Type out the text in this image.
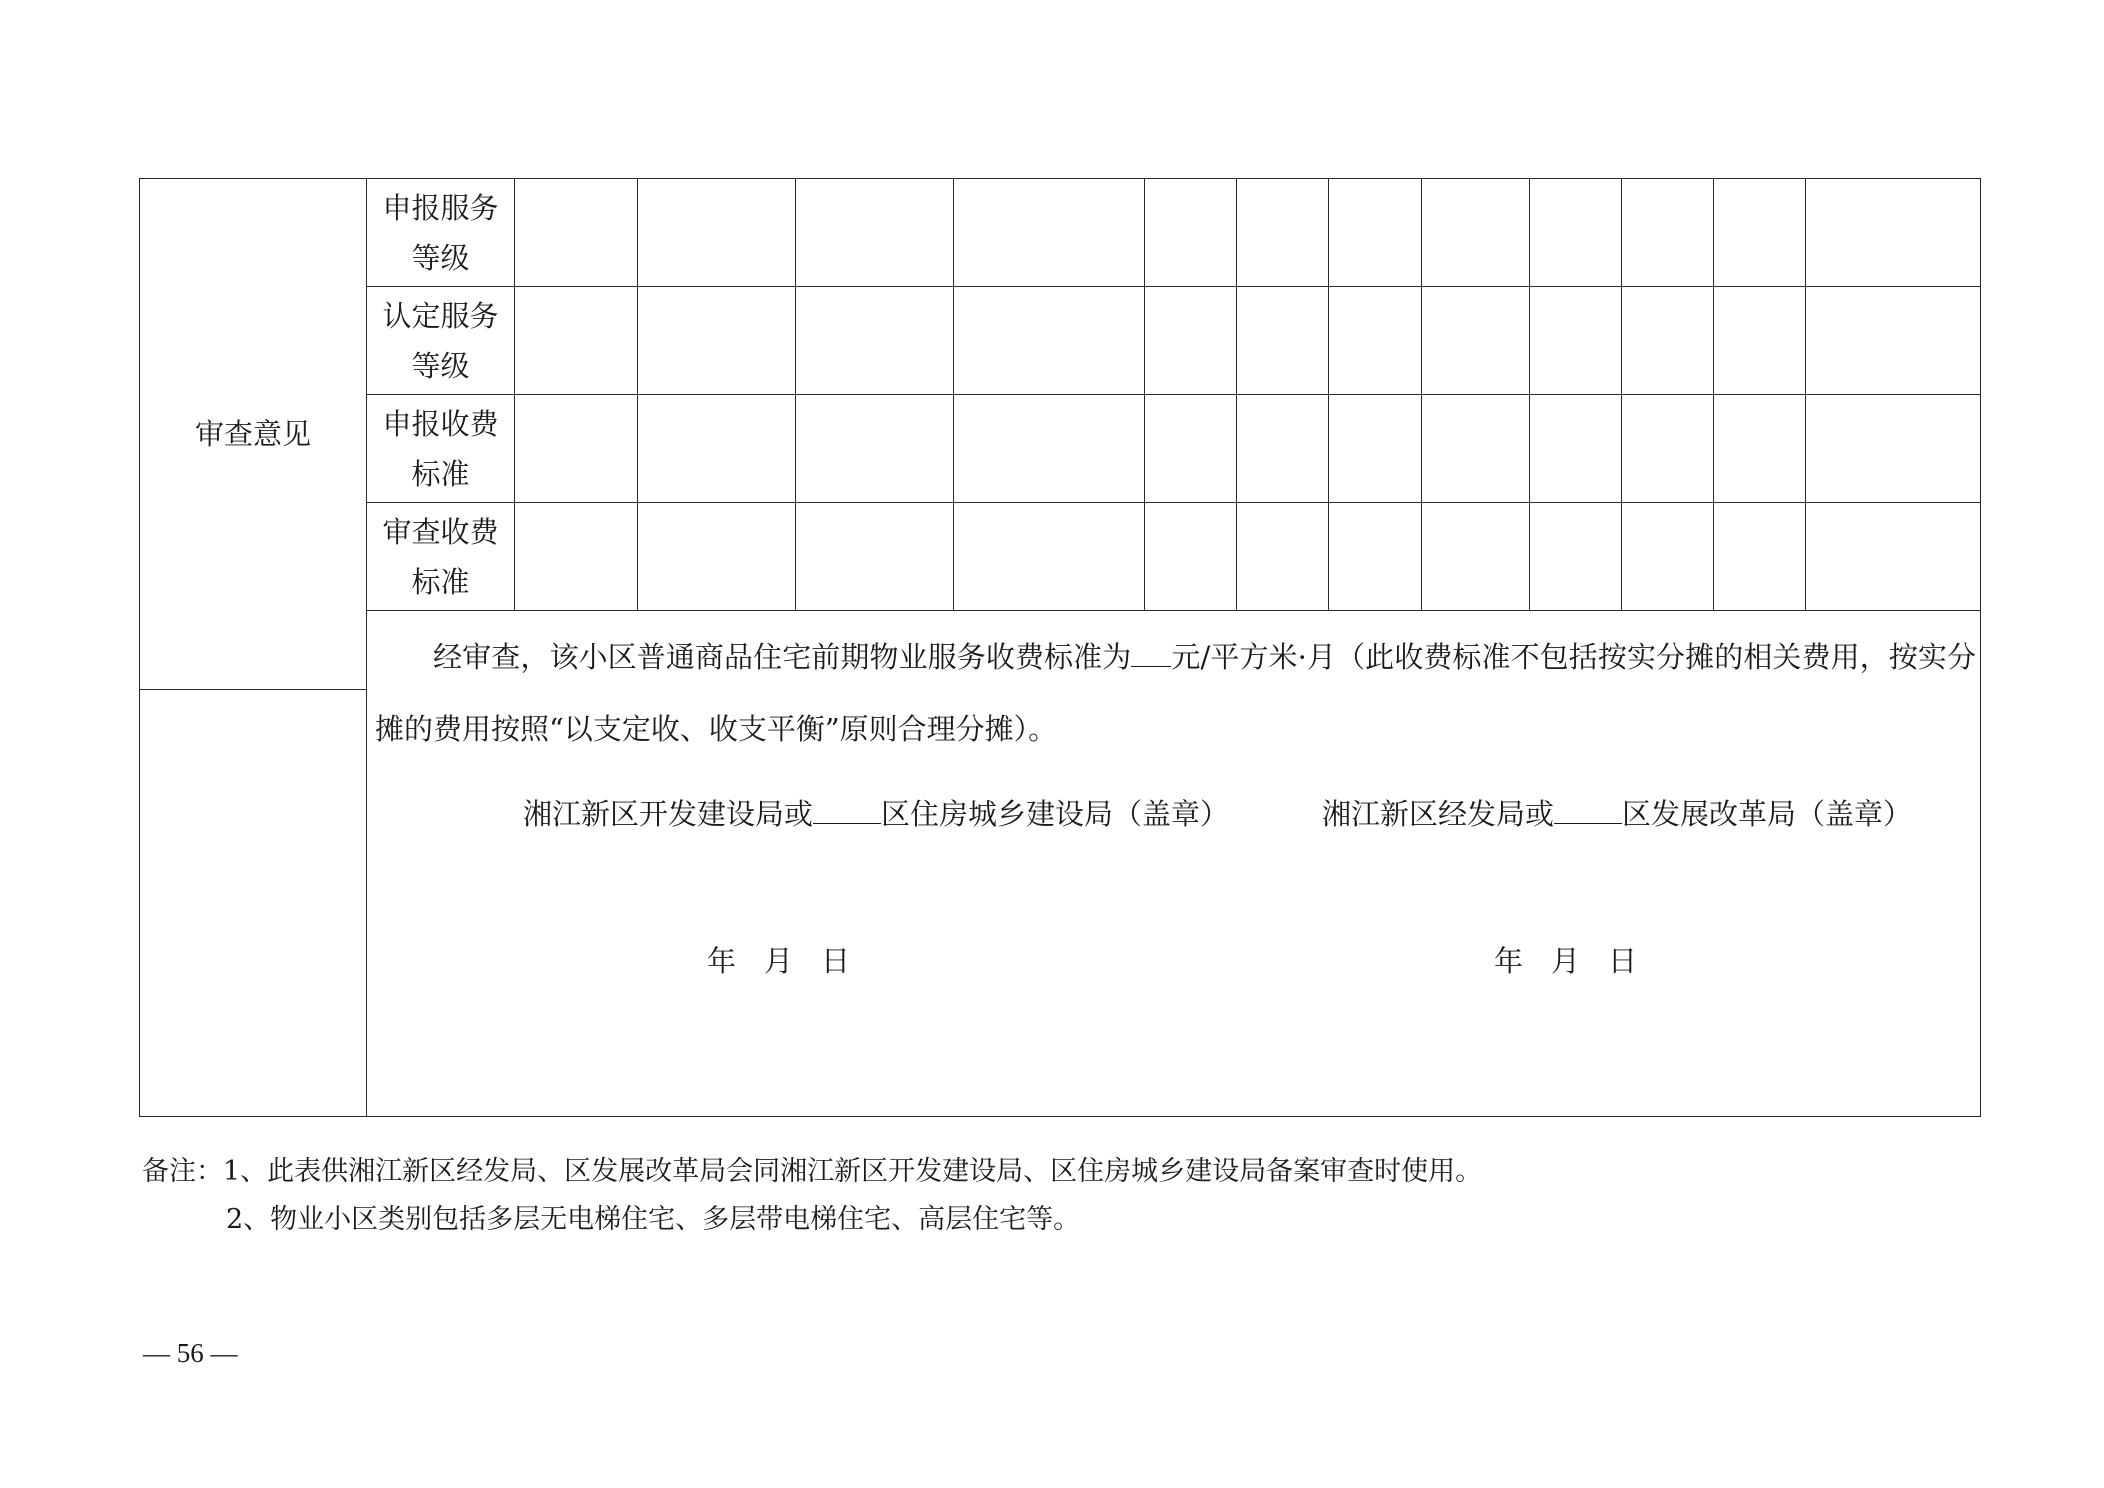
审查意见	申报服务
等级												

	认定服务
等级												

	申报收费
标准												

	审查收费
标准												

	经审查，该小区普通商品住宅前期物业服务收费标准为 元/平方米·月（此收费标准不包括按实分摊的相关费用，按实分摊的费用按照“以支定收、收支平衡”原则合理分摊）。
湘江新区开发建设局或 区住房城乡建设局（盖章） 湘江新区经发局或 区发展改革局（盖章）
年 月 日 年 月 日												
备注：1、此表供湘江新区经发局、区发展改革局会同湘江新区开发建设局、区住房城乡建设局备案审查时使用。
2、物业小区类别包括多层无电梯住宅、多层带电梯住宅、高层住宅等。
— 56 —
